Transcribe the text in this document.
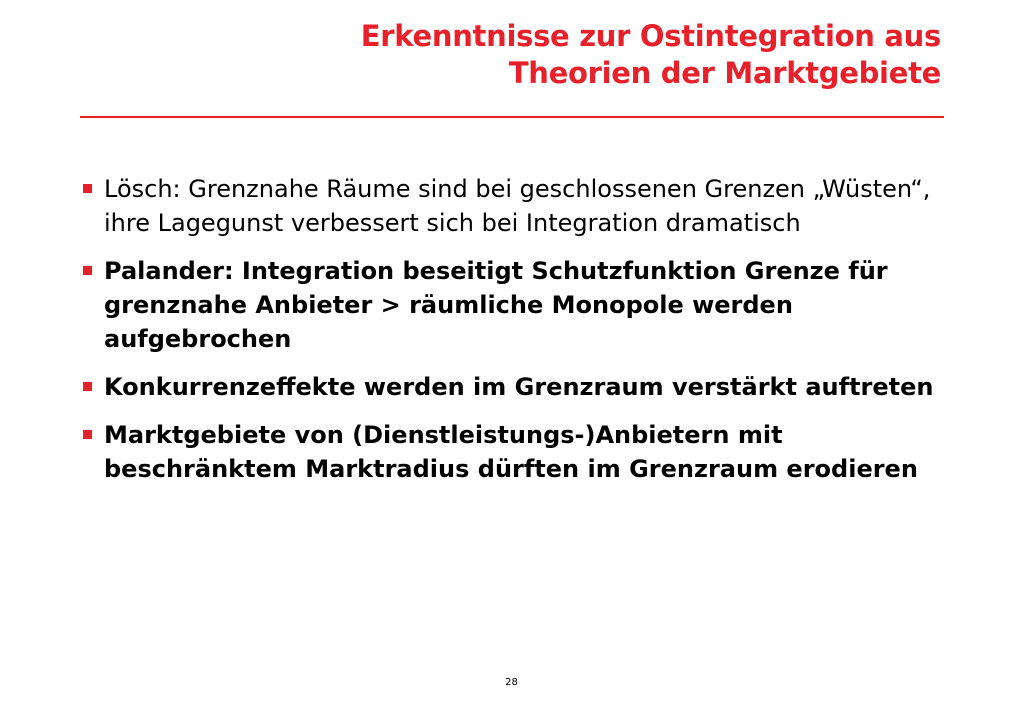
Erkenntnisse zur Ostintegration aus
Theorien der Marktgebiete
Lösch: Grenznahe Räume sind bei geschlossenen Grenzen „Wüsten“, ihre Lagegunst verbessert sich bei Integration dramatisch
Palander: Integration beseitigt Schutzfunktion Grenze für grenznahe Anbieter > räumliche Monopole werden aufgebrochen
Konkurrenzeffekte werden im Grenzraum verstärkt auftreten
Marktgebiete von (Dienstleistungs-)Anbietern mit beschränktem Marktradius dürften im Grenzraum erodieren
28
